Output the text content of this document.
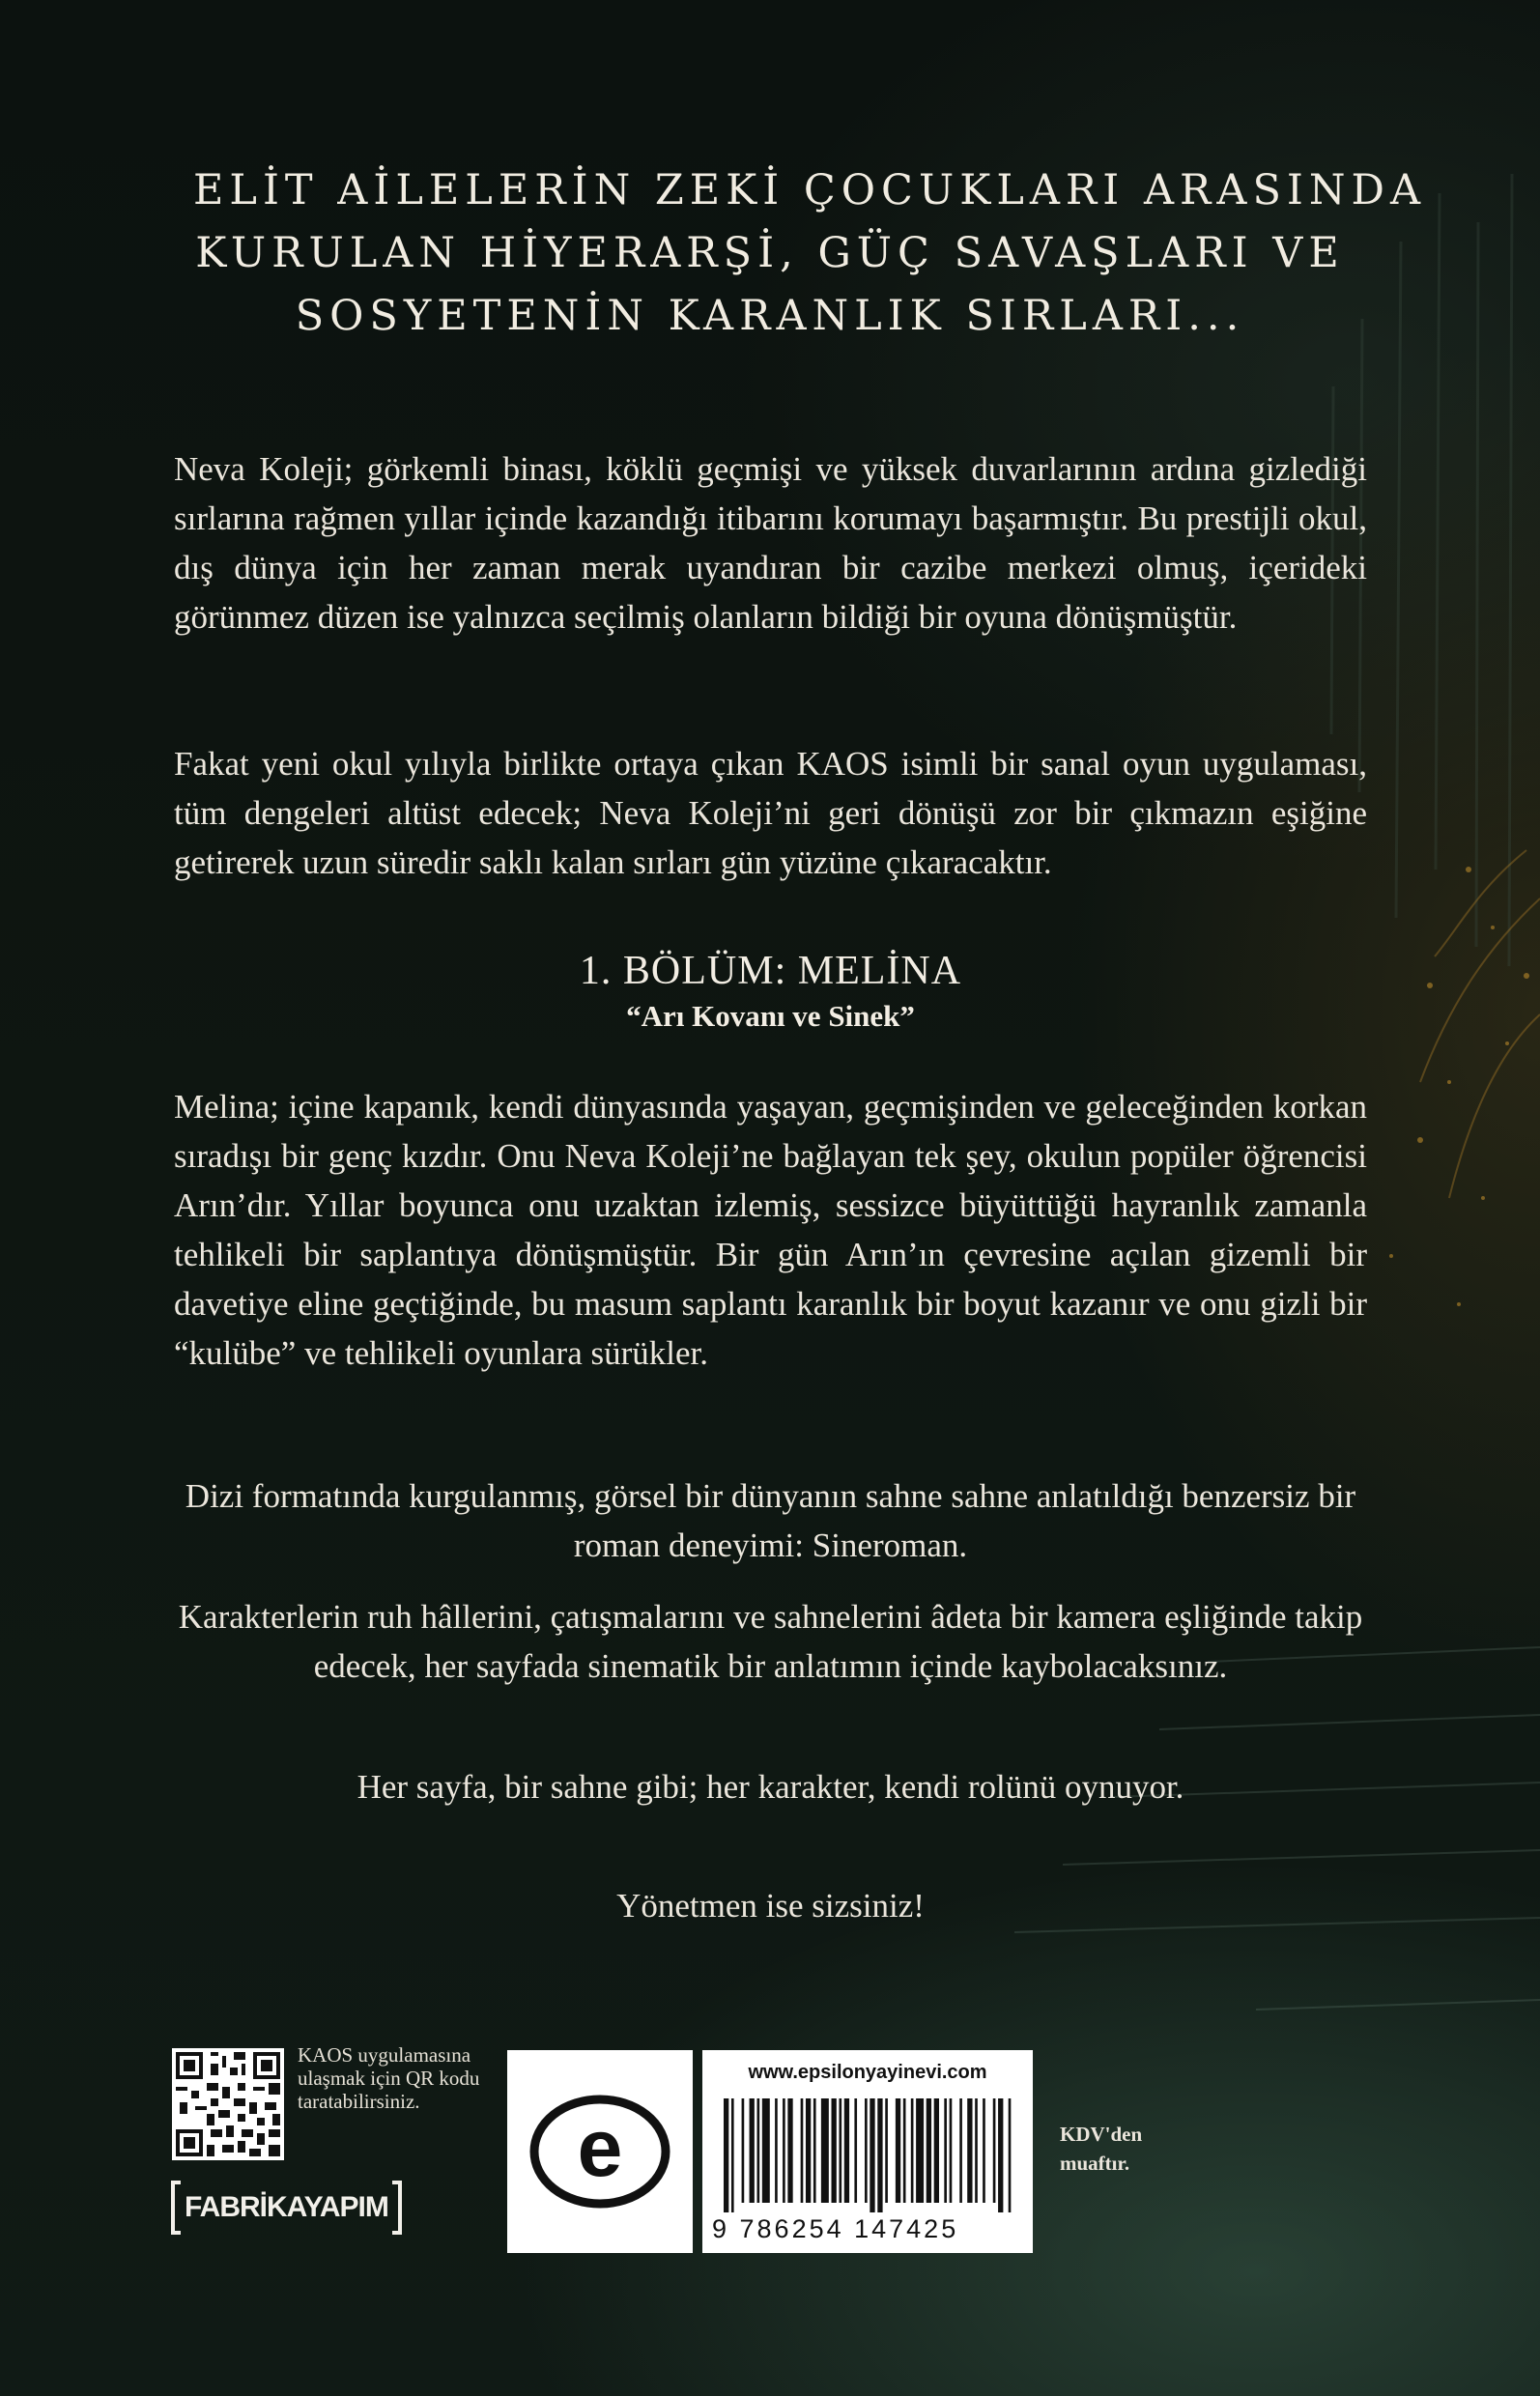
ELİT AİLELERİN ZEKİ ÇOCUKLARI ARASINDA
KURULAN HİYERARŞİ, GÜÇ SAVAŞLARI VE
SOSYETENİN KARANLIK SIRLARI...

Neva Koleji; görkemli binası, köklü geçmişi ve yüksek duvarlarının ardına gizlediği sırlarına rağmen yıllar içinde kazandığı itibarını korumayı başarmıştır. Bu prestijli okul, dış dünya için her zaman merak uyandıran bir cazibe merkezi olmuş, içerideki görünmez düzen ise yalnızca seçilmiş olanların bildiği bir oyuna dönüşmüştür.

Fakat yeni okul yılıyla birlikte ortaya çıkan KAOS isimli bir sanal oyun uygulaması, tüm dengeleri altüst edecek; Neva Koleji’ni geri dönüşü zor bir çıkmazın eşiğine getirerek uzun süredir saklı kalan sırları gün yüzüne çıkaracaktır.

1. BÖLÜM: MELİNA
“Arı Kovanı ve Sinek”

Melina; içine kapanık, kendi dünyasında yaşayan, geçmişinden ve geleceğinden korkan sıradışı bir genç kızdır. Onu Neva Koleji’ne bağlayan tek şey, okulun popüler öğrencisi Arın’dır. Yıllar boyunca onu uzaktan izlemiş, sessizce büyüttüğü hayranlık zamanla tehlikeli bir saplantıya dönüşmüştür. Bir gün Arın’ın çevresine açılan gizemli bir davetiye eline geçtiğinde, bu masum saplantı karanlık bir boyut kazanır ve onu gizli bir “kulübe” ve tehlikeli oyunlara sürükler.

Dizi formatında kurgulanmış, görsel bir dünyanın sahne sahne anlatıldığı benzersiz bir roman deneyimi: Sineroman.

Karakterlerin ruh hâllerini, çatışmalarını ve sahnelerini âdeta bir kamera eşliğinde takip edecek, her sayfada sinematik bir anlatımın içinde kaybolacaksınız.

Her sayfa, bir sahne gibi; her karakter, kendi rolünü oynuyor.

Yönetmen ise sizsiniz!

KAOS uygulamasına ulaşmak için QR kodu taratabilirsiniz.

FABRİKAYAPIM
e
www.epsilonyayinevi.com
9 786254 147425

KDV'den muaftır.
